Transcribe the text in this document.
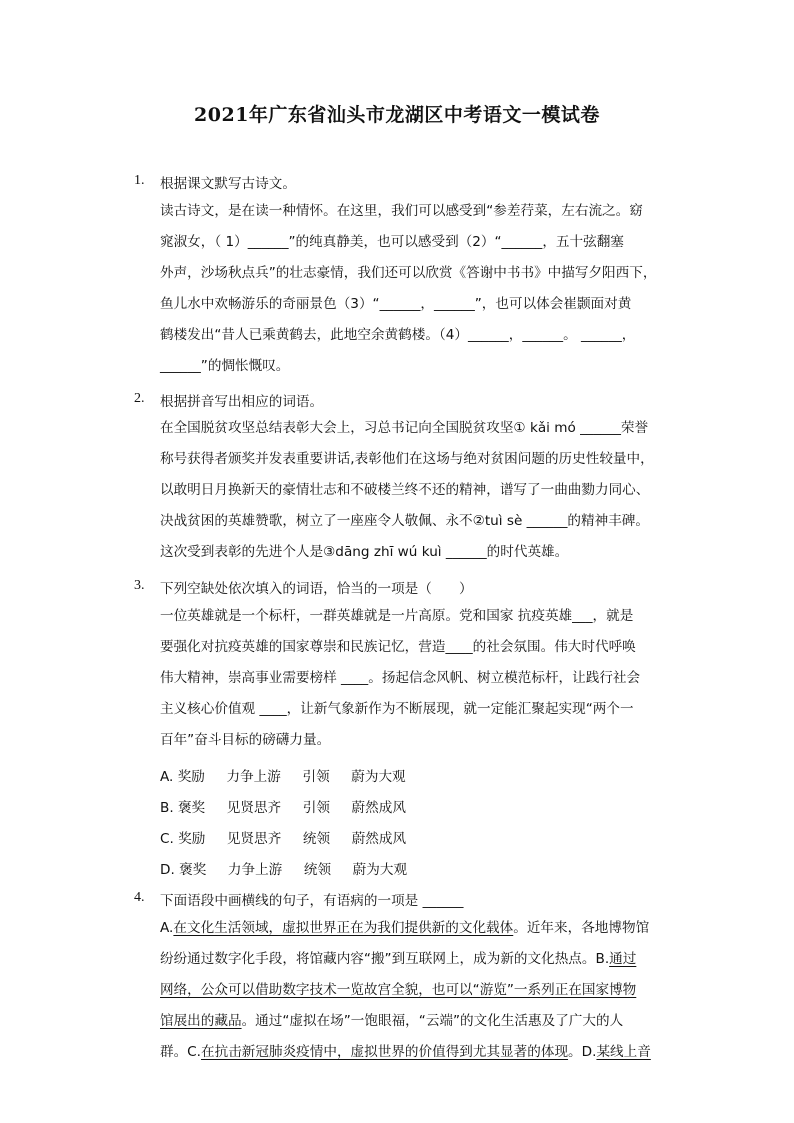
2021年广东省汕头市龙湖区中考语文一模试卷
1. 根据课文默写古诗文。
读古诗文，是在读一种情怀。在这里，我们可以感受到“参差荇菜，左右流之。窈
窕淑女，（ 1）______”的纯真静美，也可以感受到（2）“______，五十弦翻塞
外声，沙场秋点兵”的壮志豪情，我们还可以欣赏《答谢中书书》中描写夕阳西下，
鱼儿水中欢畅游乐的奇丽景色（3）“______，______”，也可以体会崔颢面对黄
鹤楼发出“昔人已乘黄鹤去，此地空余黄鹤楼。（4）______，______。 ______，
______”的惆怅慨叹。
2. 根据拼音写出相应的词语。
在全国脱贫攻坚总结表彰大会上，习总书记向全国脱贫攻坚① kǎi mó ______荣誉
称号获得者颁奖并发表重要讲话,表彰他们在这场与绝对贫困问题的历史性较量中，
以敢明日月换新天的豪情壮志和不破楼兰终不还的精神，谱写了一曲曲勠力同心、
决战贫困的英雄赞歌，树立了一座座令人敬佩、永不②tuì sè ______的精神丰碑。
这次受到表彰的先进个人是③dāng zhī wú kuì ______的时代英雄。
3. 下列空缺处依次填入的词语，恰当的一项是（　　）
一位英雄就是一个标杆，一群英雄就是一片高原。党和国家 抗疫英雄___，就是
要强化对抗疫英雄的国家尊崇和民族记忆，营造____的社会氛围。伟大时代呼唤
伟大精神，崇高事业需要榜样 ____。扬起信念风帆、树立模范标杆，让践行社会
主义核心价值观 ____，让新气象新作为不断展现，就一定能汇聚起实现“两个一
百年”奋斗目标的磅礴力量。
A. 奖励     力争上游     引领     蔚为大观
B. 褒奖     见贤思齐     引领     蔚然成风
C. 奖励     见贤思齐     统领     蔚然成风
D. 褒奖     力争上游     统领     蔚为大观
4. 下面语段中画横线的句子，有语病的一项是 ______
A.在文化生活领域，虚拟世界正在为我们提供新的文化载体。近年来，各地博物馆
纷纷通过数字化手段，将馆藏内容“搬”到互联网上，成为新的文化热点。B.通过
网络，公众可以借助数字技术一览故宫全貌，也可以“游览”一系列正在国家博物
馆展出的藏品。通过“虚拟在场”一饱眼福，“云端”的文化生活惠及了广大的人
群。C.在抗击新冠肺炎疫情中，虚拟世界的价值得到尤其显著的体现。D.某线上音
